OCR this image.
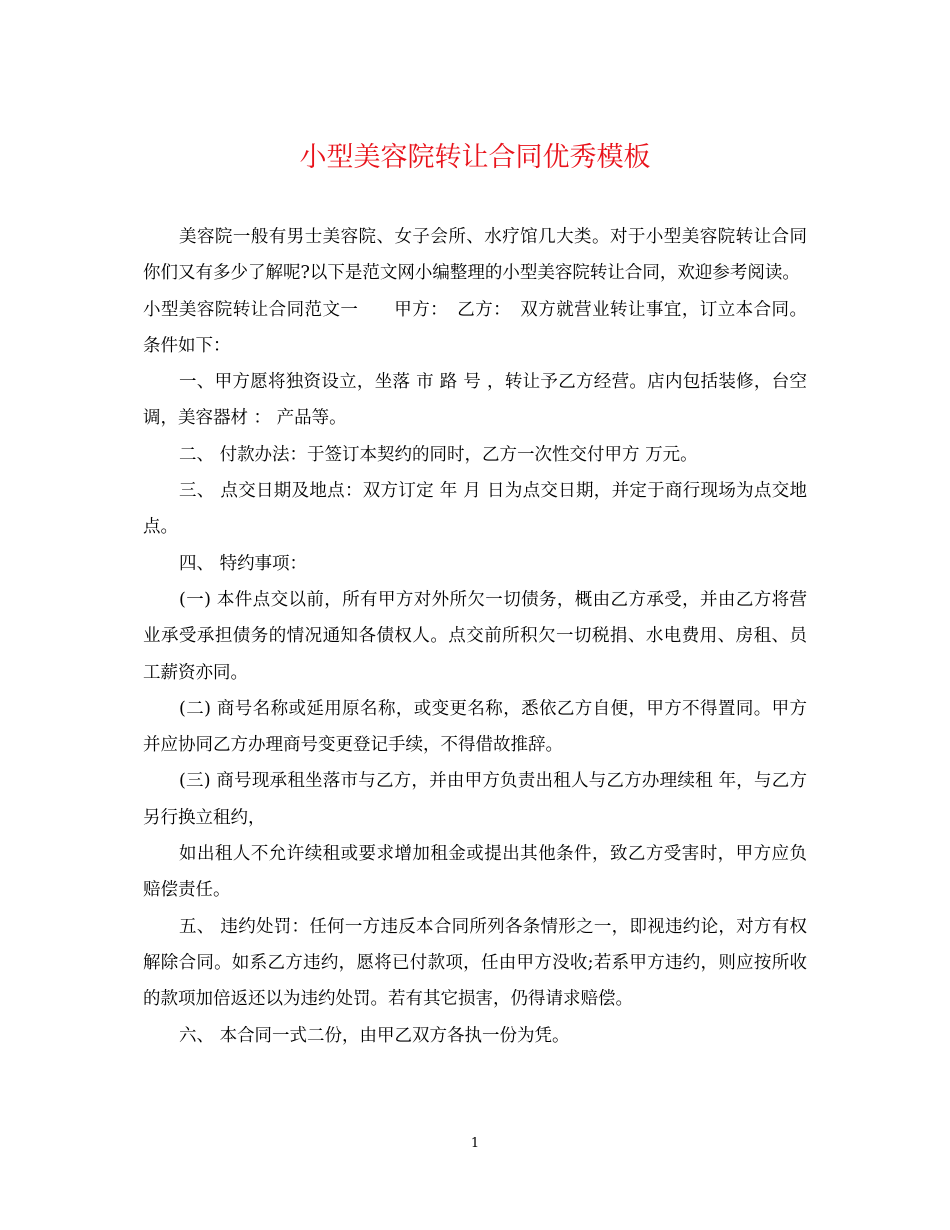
小型美容院转让合同优秀模板

美容院一般有男士美容院、女子会所、水疗馆几大类。对于小型美容院转让合同你们又有多少了解呢?以下是范文网小编整理的小型美容院转让合同，欢迎参考阅读。

小型美容院转让合同范文一　　甲方：　乙方：　双方就营业转让事宜，订立本合同。条件如下：

一、甲方愿将独资设立，坐落 市 路 号 ，转让予乙方经营。店内包括装修，台空调，美容器材 ： 产品等。

二、 付款办法：于签订本契约的同时，乙方一次性交付甲方 万元。

三、 点交日期及地点：双方订定 年 月 日为点交日期，并定于商行现场为点交地点。

四、 特约事项：

(一) 本件点交以前，所有甲方对外所欠一切债务，概由乙方承受，并由乙方将营业承受承担债务的情况通知各债权人。点交前所积欠一切税捐、水电费用、房租、员工薪资亦同。

(二) 商号名称或延用原名称，或变更名称，悉依乙方自便，甲方不得置同。甲方并应协同乙方办理商号变更登记手续，不得借故推辞。

(三) 商号现承租坐落市与乙方，并由甲方负责出租人与乙方办理续租 年，与乙方另行换立租约，

如出租人不允许续租或要求增加租金或提出其他条件，致乙方受害时，甲方应负赔偿责任。

五、 违约处罚：任何一方违反本合同所列各条情形之一，即视违约论，对方有权解除合同。如系乙方违约，愿将已付款项，任由甲方没收;若系甲方违约，则应按所收的款项加倍返还以为违约处罚。若有其它损害，仍得请求赔偿。

六、 本合同一式二份，由甲乙双方各执一份为凭。

1
